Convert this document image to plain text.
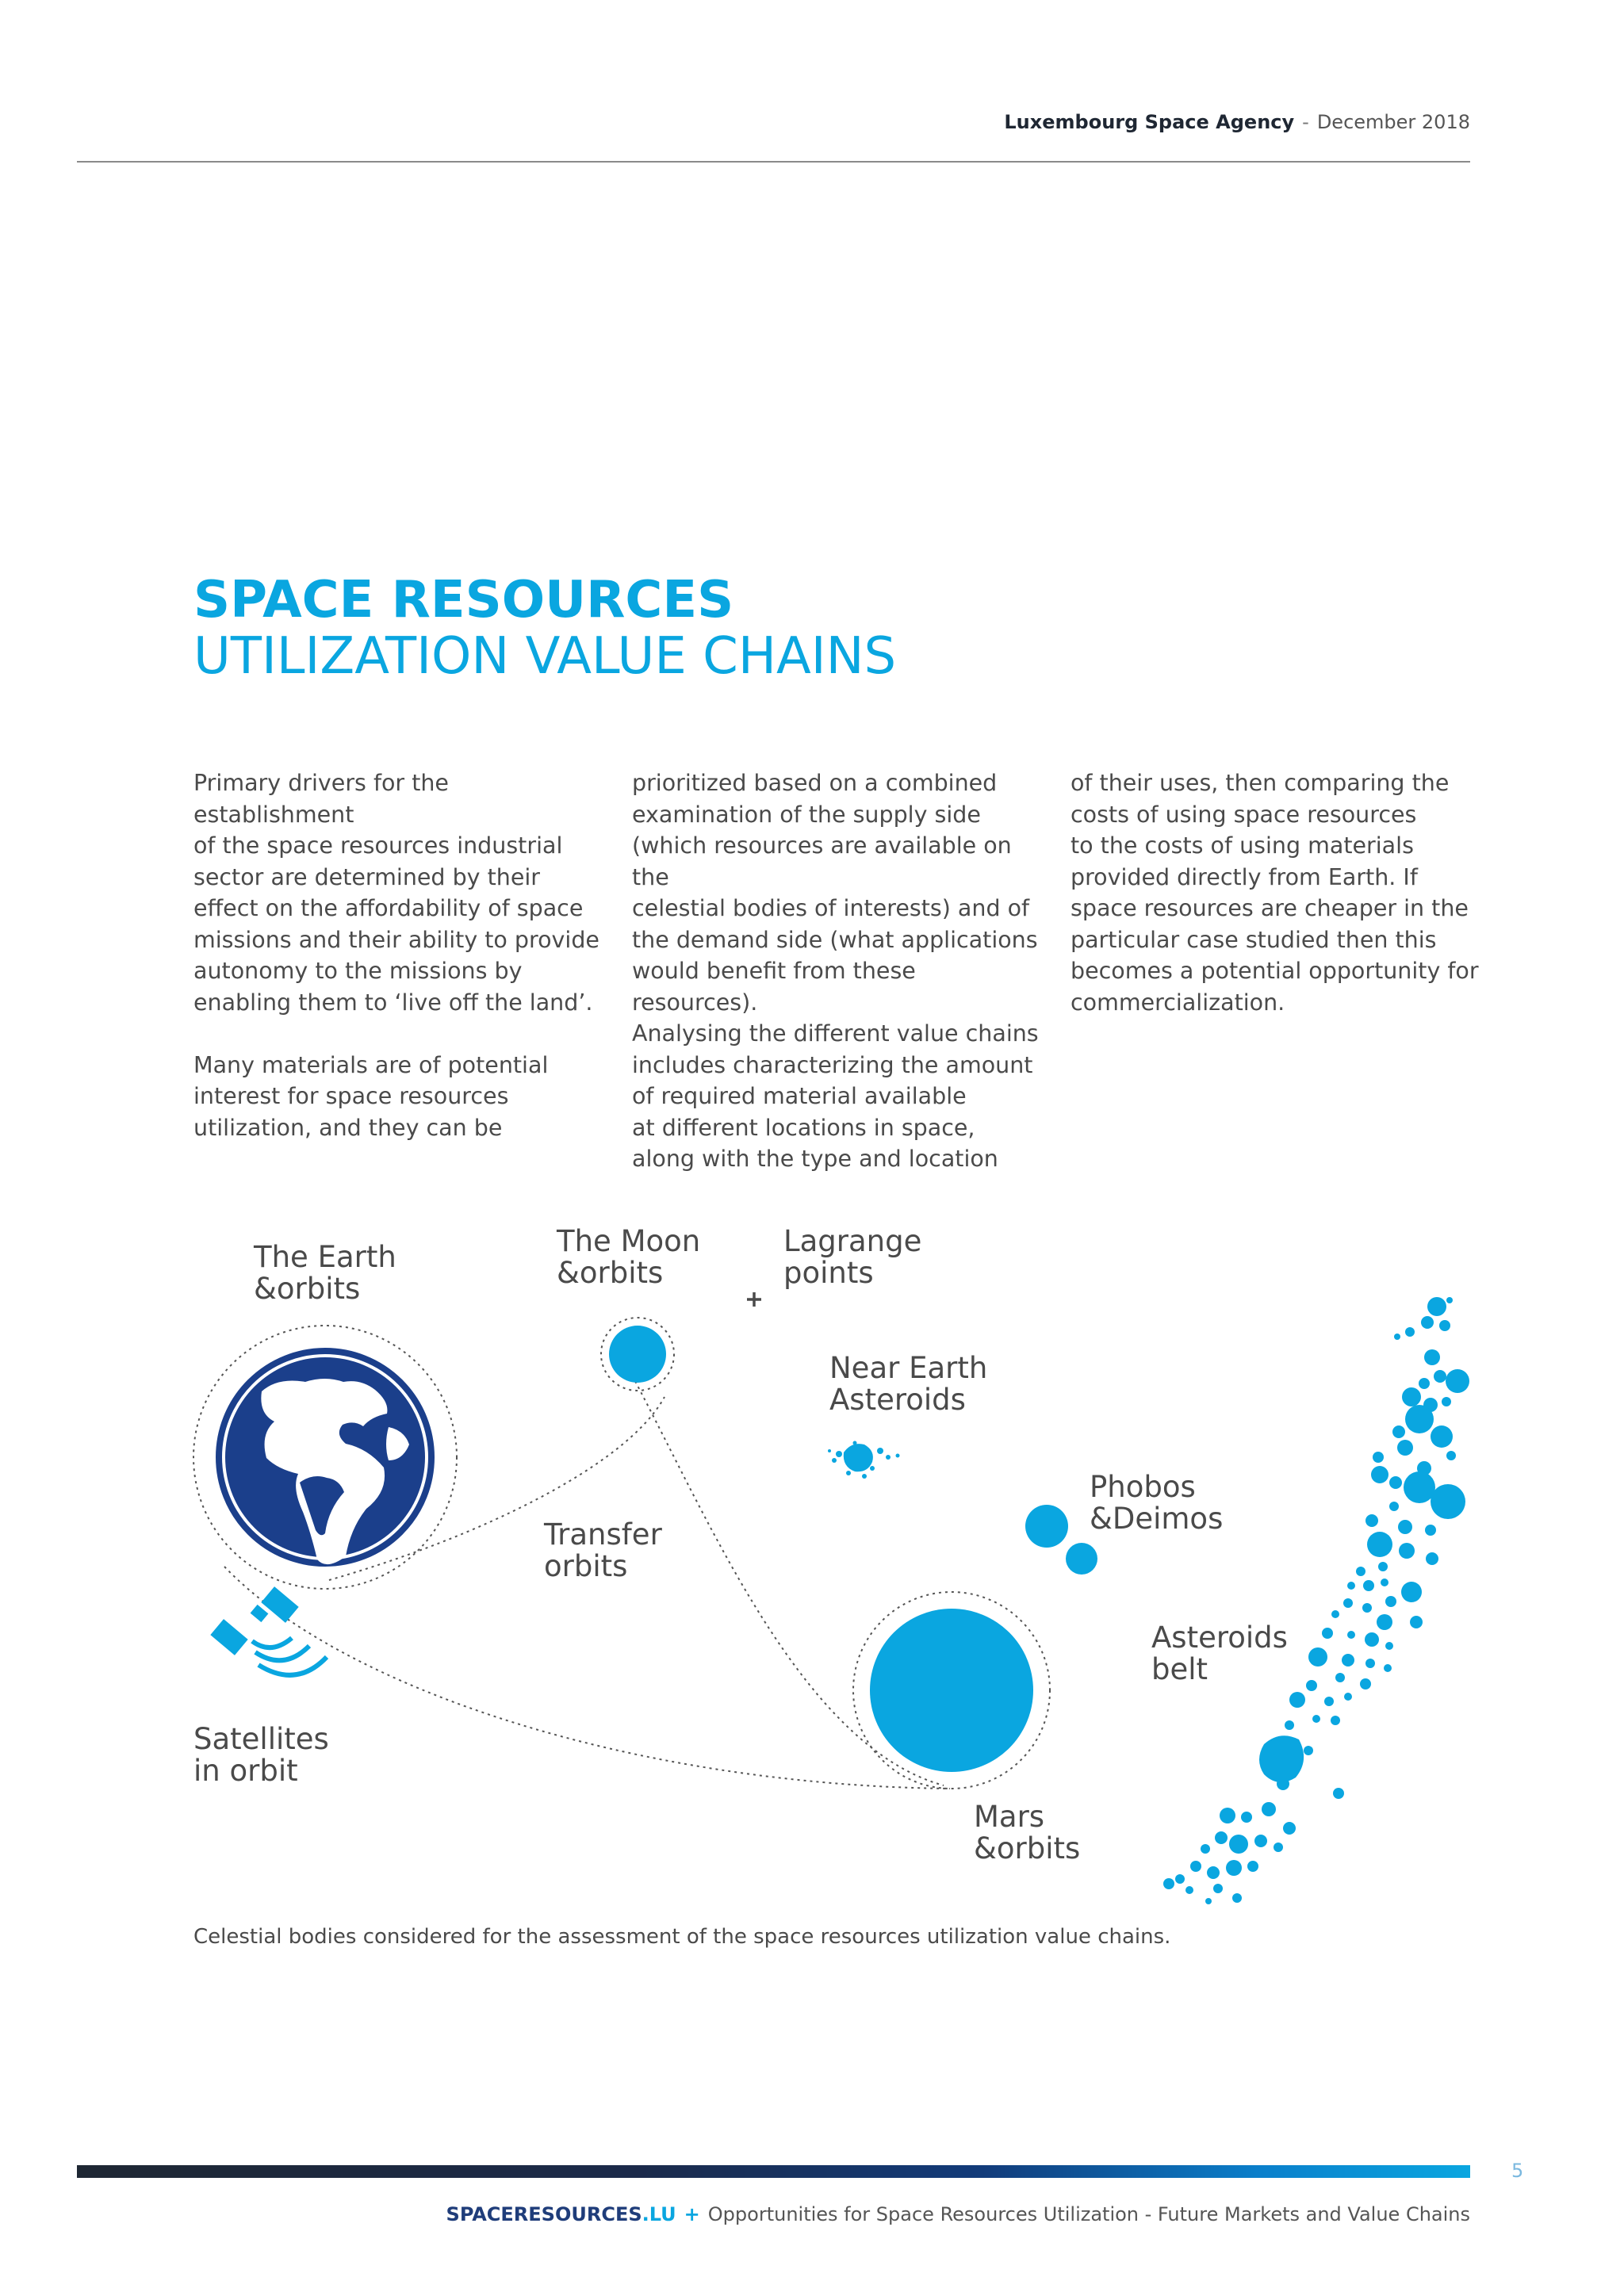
Luxembourg Space Agency - December 2018
SPACE RESOURCES
UTILIZATION VALUE CHAINS

Primary drivers for the establishment
of the space resources industrial
sector are determined by their
effect on the affordability of space
missions and their ability to provide
autonomy to the missions by
enabling them to ‘live off the land’.

Many materials are of potential
interest for space resources
utilization, and they can be

prioritized based on a combined
examination of the supply side
(which resources are available on the
celestial bodies of interests) and of
the demand side (what applications
would benefit from these resources).
Analysing the different value chains
includes characterizing the amount
of required material available
at different locations in space,
along with the type and location

of their uses, then comparing the
costs of using space resources
to the costs of using materials
provided directly from Earth. If
space resources are cheaper in the
particular case studied then this
becomes a potential opportunity for
commercialization.

The Earth
&orbits
The Moon
&orbits
Lagrange
points
Near Earth
Asteroids
Phobos
&Deimos
Transfer
orbits
Asteroids
belt
Satellites
in orbit
Mars
&orbits
Celestial bodies considered for the assessment of the space resources utilization value chains.
5
SPACERESOURCES.LU + Opportunities for Space Resources Utilization - Future Markets and Value Chains
